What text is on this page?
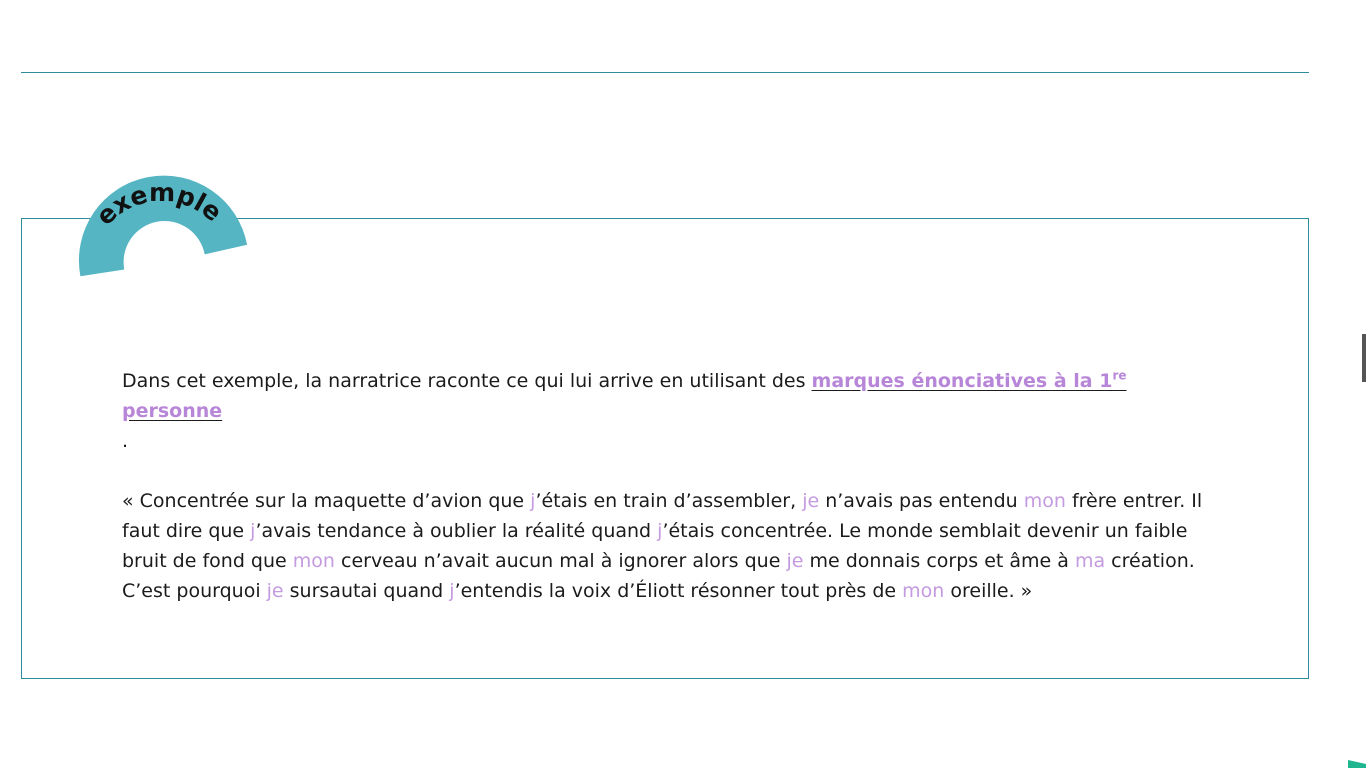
exemple

Dans cet exemple, la narratrice raconte ce qui lui arrive en utilisant des marques énonciatives à la 1re personne

.

« Concentrée sur la maquette d’avion que j’étais en train d’assembler, je n’avais pas entendu mon frère entrer. Il faut dire que j’avais tendance à oublier la réalité quand j’étais concentrée. Le monde semblait devenir un faible bruit de fond que mon cerveau n’avait aucun mal à ignorer alors que je me donnais corps et âme à ma création. C’est pourquoi je sursautai quand j’entendis la voix d’Éliott résonner tout près de mon oreille. »
